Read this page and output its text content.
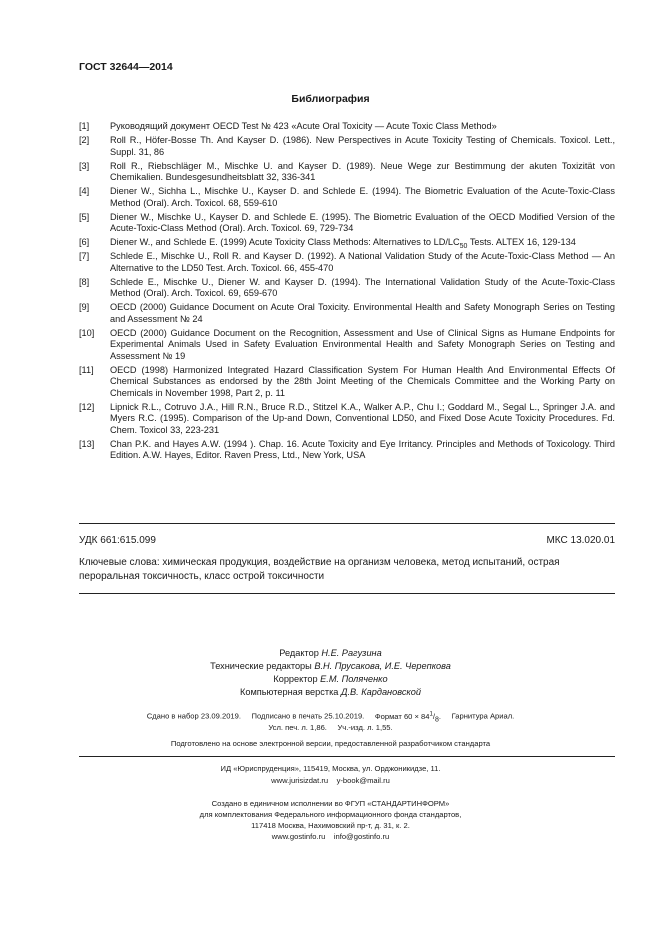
ГОСТ 32644—2014
Библиография
[1]	Руководящий документ OECD Test № 423 «Acute Oral Toxicity — Acute Toxic Class Method»
[2]	Roll R., Höfer-Bosse Th. And Kayser D. (1986). New Perspectives in Acute Toxicity Testing of Chemicals. Toxicol. Lett., Suppl. 31, 86
[3]	Roll R., Riebschläger M., Mischke U. and Kayser D. (1989). Neue Wege zur Bestimmung der akuten Toxizität von Chemikalien. Bundesgesundheitsblatt 32, 336-341
[4]	Diener W., Sichha L., Mischke U., Kayser D. and Schlede E. (1994). The Biometric Evaluation of the Acute-Toxic-Class Method (Oral). Arch. Toxicol. 68, 559-610
[5]	Diener W., Mischke U., Kayser D. and Schlede E. (1995). The Biometric Evaluation of the OECD Modified Version of the Acute-Toxic-Class Method (Oral). Arch. Toxicol. 69, 729-734
[6]	Diener W., and Schlede E. (1999) Acute Toxicity Class Methods: Alternatives to $LD/LC_{50}$ Tests. ALTEX 16, 129-134
[7]	Schlede E., Mischke U., Roll R. and Kayser D. (1992). A National Validation Study of the Acute-Toxic-Class Method — An Alternative to the LD50 Test. Arch. Toxicol. 66, 455-470
[8]	Schlede E., Mischke U., Diener W. and Kayser D. (1994). The International Validation Study of the Acute-Toxic-Class Method (Oral). Arch. Toxicol. 69, 659-670
[9]	OECD (2000) Guidance Document on Acute Oral Toxicity. Environmental Health and Safety Monograph Series on Testing and Assessment № 24
[10]	OECD (2000) Guidance Document on the Recognition, Assessment and Use of Clinical Signs as Humane Endpoints for Experimental Animals Used in Safety Evaluation Environmental Health and Safety Monograph Series on Testing and Assessment № 19
[11]	OECD (1998) Harmonized Integrated Hazard Classification System For Human Health And Environmental Effects Of Chemical Substances as endorsed by the 28th Joint Meeting of the Chemicals Committee and the Working Party on Chemicals in November 1998, Part 2, p. 11
[12]	Lipnick R.L., Cotruvo J.A., Hill R.N., Bruce R.D., Stitzel K.A., Walker A.P., Chu I.; Goddard M., Segal L., Springer J.A. and Myers R.C. (1995). Comparison of the Up-and Down, Conventional LD50, and Fixed Dose Acute Toxicity Procedures. Fd. Chem. Toxicol 33, 223-231
[13]	Chan P.K. and Hayes A.W. (1994 ). Chap. 16. Acute Toxicity and Eye Irritancy. Principles and Methods of Toxicology. Third Edition. A.W. Hayes, Editor. Raven Press, Ltd., New York, USA
УДК 661:615.099	МКС 13.020.01
Ключевые слова: химическая продукция, воздействие на организм человека, метод испытаний, острая пероральная токсичность, класс острой токсичности
Редактор Н.Е. Рагузина
Технические редакторы В.Н. Прусакова, И.Е. Черепкова
Корректор Е.М. Поляченко
Компьютерная верстка Д.В. Кардановской
Сдано в набор 23.09.2019. Подписано в печать 25.10.2019. Формат $60 \times 84^1/_8$. Гарнитура Ариал.
Усл. печ. л. 1,86. Уч.-изд. л. 1,55.
Подготовлено на основе электронной версии, предоставленной разработчиком стандарта
ИД «Юриспруденция», 115419, Москва, ул. Орджоникидзе, 11.
www.jurisizdat.ru y-book@mail.ru
Создано в единичном исполнении во ФГУП «СТАНДАРТИНФОРМ»
для комплектования Федерального информационного фонда стандартов,
117418 Москва, Нахимовский пр-т, д. 31, к. 2.
www.gostinfo.ru info@gostinfo.ru
